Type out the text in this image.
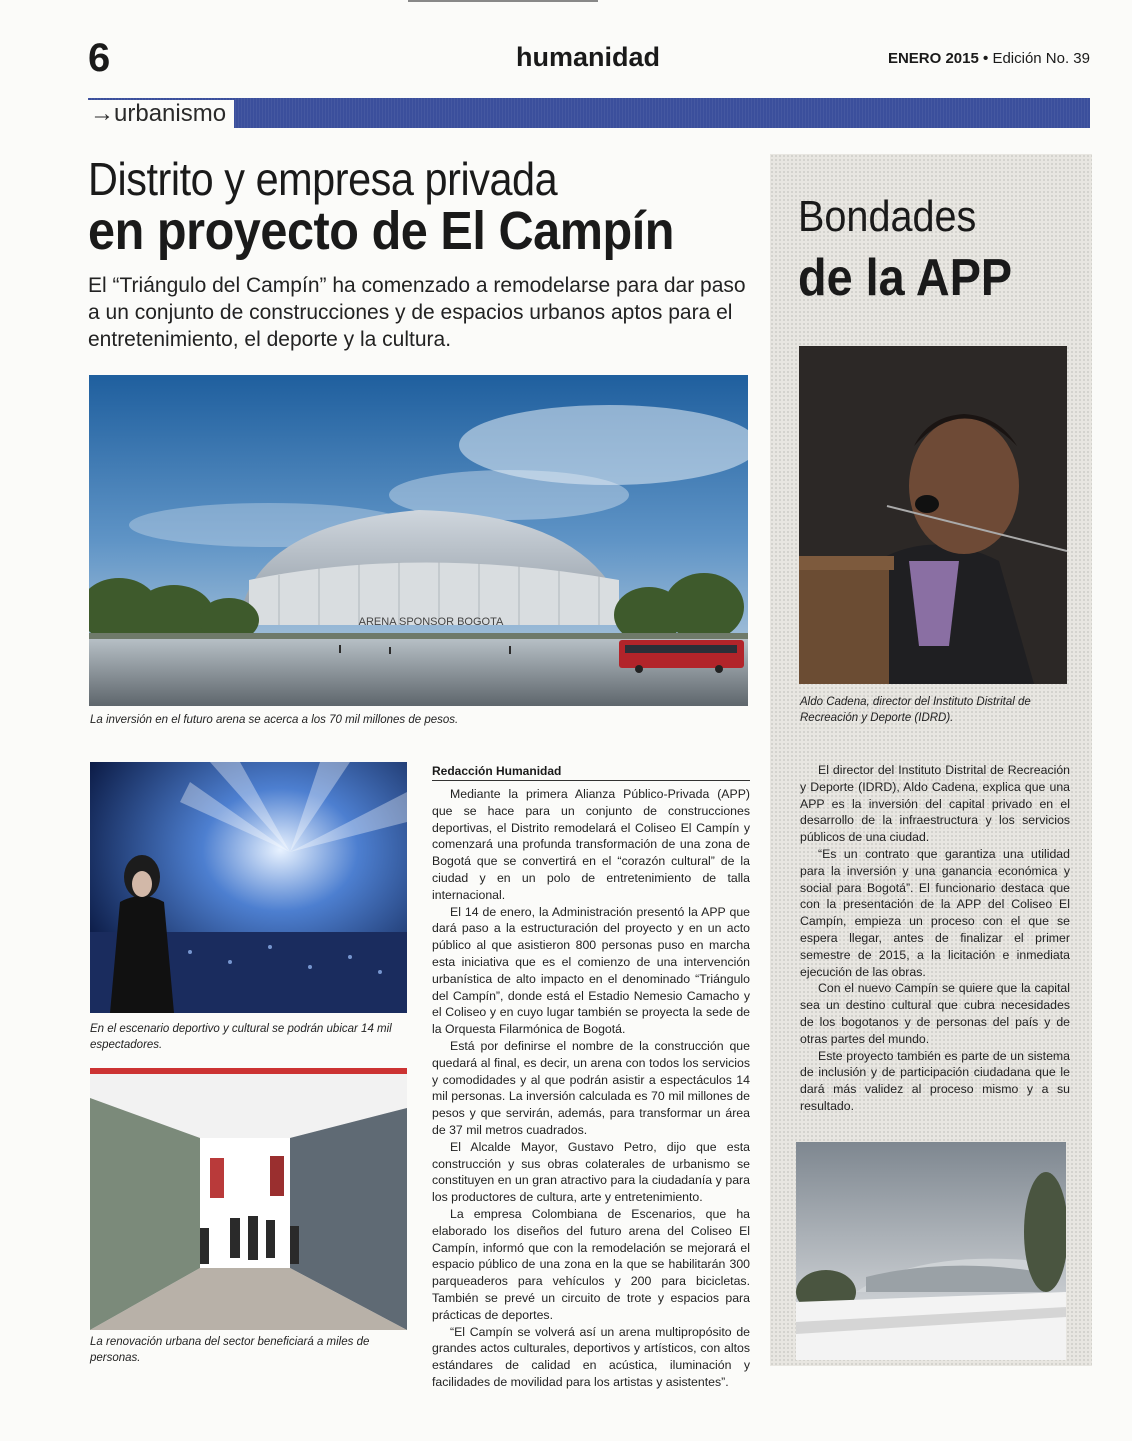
6	humanidad	ENERO 2015 • Edición No. 39
→urbanismo
Distrito y empresa privada
en proyecto de El Campín
El “Triángulo del Campín” ha comenzado a remodelarse para dar paso a un conjunto de construcciones y de espacios urbanos aptos para el entretenimiento, el deporte y la cultura.
ARENA SPONSOR BOGOTA
La inversión en el futuro arena se acerca a los 70 mil millones de pesos.
En el escenario deportivo y cultural se podrán ubicar 14 mil espectadores.
La renovación urbana del sector beneficiará a miles de personas.
Redacción Humanidad

Mediante la primera Alianza Público-Privada (APP) que se hace para un conjunto de construcciones deportivas, el Distrito remodelará el Coliseo El Campín y comenzará una profunda transformación de una zona de Bogotá que se convertirá en el “corazón cultural” de la ciudad y en un polo de entretenimiento de talla internacional.

El 14 de enero, la Administración presentó la APP que dará paso a la estructuración del proyecto y en un acto público al que asistieron 800 personas puso en marcha esta iniciativa que es el comienzo de una intervención urbanística de alto impacto en el denominado “Triángulo del Campín”, donde está el Estadio Nemesio Camacho y el Coliseo y en cuyo lugar también se proyecta la sede de la Orquesta Filarmónica de Bogotá.

Está por definirse el nombre de la construcción que quedará al final, es decir, un arena con todos los servicios y comodidades y al que podrán asistir a espectáculos 14 mil personas. La inversión calculada es 70 mil millones de pesos y que servirán, además, para transformar un área de 37 mil metros cuadrados.

El Alcalde Mayor, Gustavo Petro, dijo que esta construcción y sus obras colaterales de urbanismo se constituyen en un gran atractivo para la ciudadanía y para los productores de cultura, arte y entretenimiento.

La empresa Colombiana de Escenarios, que ha elaborado los diseños del futuro arena del Coliseo El Campín, informó que con la remodelación se mejorará el espacio público de una zona en la que se habilitarán 300 parqueaderos para vehículos y 200 para bicicletas. También se prevé un circuito de trote y espacios para prácticas de deportes.

“El Campín se volverá así un arena multipropósito de grandes actos culturales, deportivos y artísticos, con altos estándares de calidad en acústica, iluminación y facilidades de movilidad para los artistas y asistentes”.

Bondades
de la APP
Aldo Cadena, director del Instituto Distrital de Recreación y Deporte (IDRD).

El director del Instituto Distrital de Recreación y Deporte (IDRD), Aldo Cadena, explica que una APP es la inversión del capital privado en el desarrollo de la infraestructura y los servicios públicos de una ciudad.

“Es un contrato que garantiza una utilidad para la inversión y una ganancia económica y social para Bogotá”. El funcionario destaca que con la presentación de la APP del Coliseo El Campín, empieza un proceso con el que se espera llegar, antes de finalizar el primer semestre de 2015, a la licitación e inmediata ejecución de las obras.

Con el nuevo Campín se quiere que la capital sea un destino cultural que cubra necesidades de los bogotanos y de personas del país y de otras partes del mundo.

Este proyecto también es parte de un sistema de inclusión y de participación ciudadana que le dará más validez al proceso mismo y a su resultado.
